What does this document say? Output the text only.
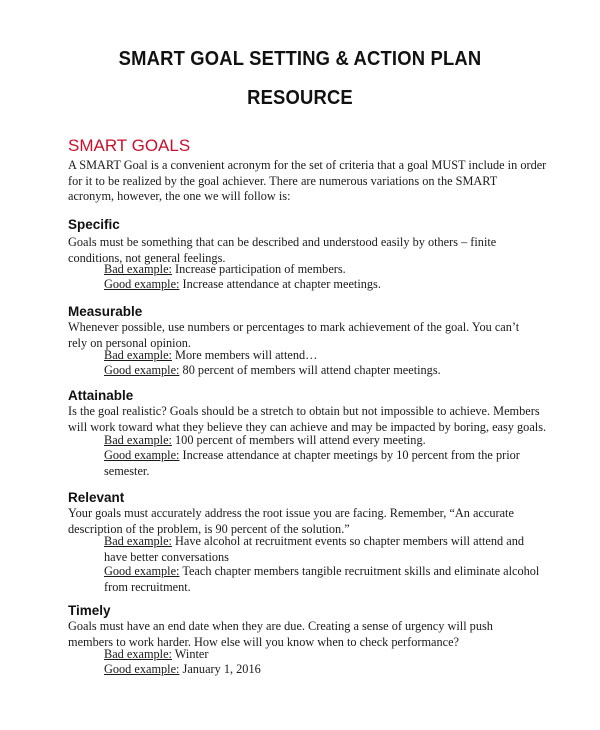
SMART GOAL SETTING & ACTION PLAN
RESOURCE
SMART GOALS
A SMART Goal is a convenient acronym for the set of criteria that a goal MUST include in order
for it to be realized by the goal achiever. There are numerous variations on the SMART
acronym, however, the one we will follow is:
Specific
Goals must be something that can be described and understood easily by others – finite
conditions, not general feelings.
Bad example: Increase participation of members.
Good example: Increase attendance at chapter meetings.
Measurable
Whenever possible, use numbers or percentages to mark achievement of the goal. You can’t
rely on personal opinion.
Bad example: More members will attend…
Good example: 80 percent of members will attend chapter meetings.
Attainable
Is the goal realistic? Goals should be a stretch to obtain but not impossible to achieve. Members
will work toward what they believe they can achieve and may be impacted by boring, easy goals.
Bad example: 100 percent of members will attend every meeting.
Good example: Increase attendance at chapter meetings by 10 percent from the prior
semester.
Relevant
Your goals must accurately address the root issue you are facing. Remember, “An accurate
description of the problem, is 90 percent of the solution.”
Bad example: Have alcohol at recruitment events so chapter members will attend and
have better conversations
Good example: Teach chapter members tangible recruitment skills and eliminate alcohol
from recruitment.
Timely
Goals must have an end date when they are due. Creating a sense of urgency will push
members to work harder. How else will you know when to check performance?
Bad example: Winter
Good example: January 1, 2016
